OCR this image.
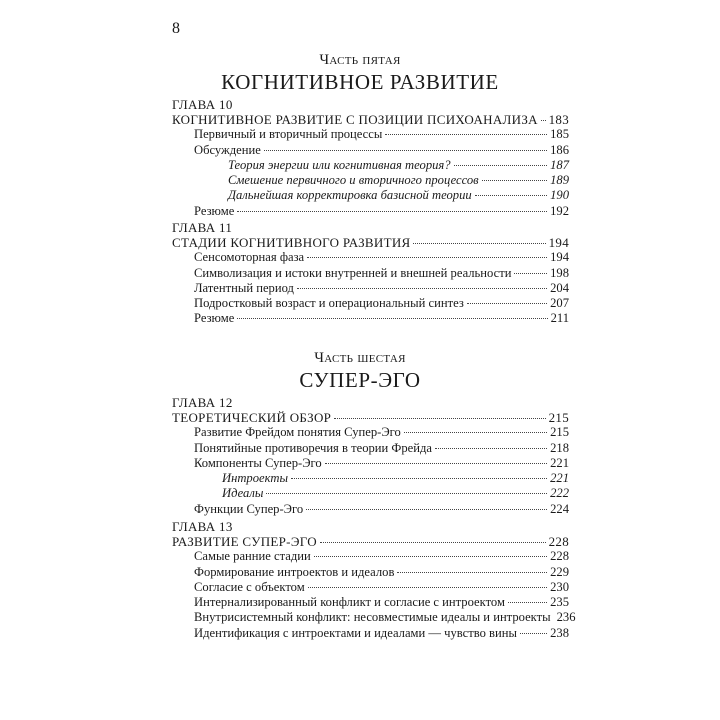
8
Часть пятая
КОГНИТИВНОЕ РАЗВИТИЕ
ГЛАВА 10
КОГНИТИВНОЕ РАЗВИТИЕ С ПОЗИЦИИ ПСИХОАНАЛИЗА 183
Первичный и вторичный процессы	185
Обсуждение	186
Теория энергии или когнитивная теория?	187
Смешение первичного и вторичного процессов	189
Дальнейшая корректировка базисной теории	190
Резюме	192
ГЛАВА 11
СТАДИИ КОГНИТИВНОГО РАЗВИТИЯ	194
Сенсомоторная фаза	194
Символизация и истоки внутренней и внешней реальности	198
Латентный период	204
Подростковый возраст и операциональный синтез	207
Резюме	211
Часть шестая
СУПЕР-ЭГО
ГЛАВА 12
ТЕОРЕТИЧЕСКИЙ ОБЗОР	215
Развитие Фрейдом понятия Супер-Эго	215
Понятийные противоречия в теории Фрейда	218
Компоненты Супер-Эго	221
Интроекты	221
Идеалы	222
Функции Супер-Эго	224
ГЛАВА 13
РАЗВИТИЕ СУПЕР-ЭГО	228
Самые ранние стадии	228
Формирование интроектов и идеалов	229
Согласие с объектом	230
Интернализированный конфликт и согласие с интроектом	235
Внутрисистемный конфликт: несовместимые идеалы и интроекты 236
Идентификация с интроектами и идеалами — чувство вины	238
